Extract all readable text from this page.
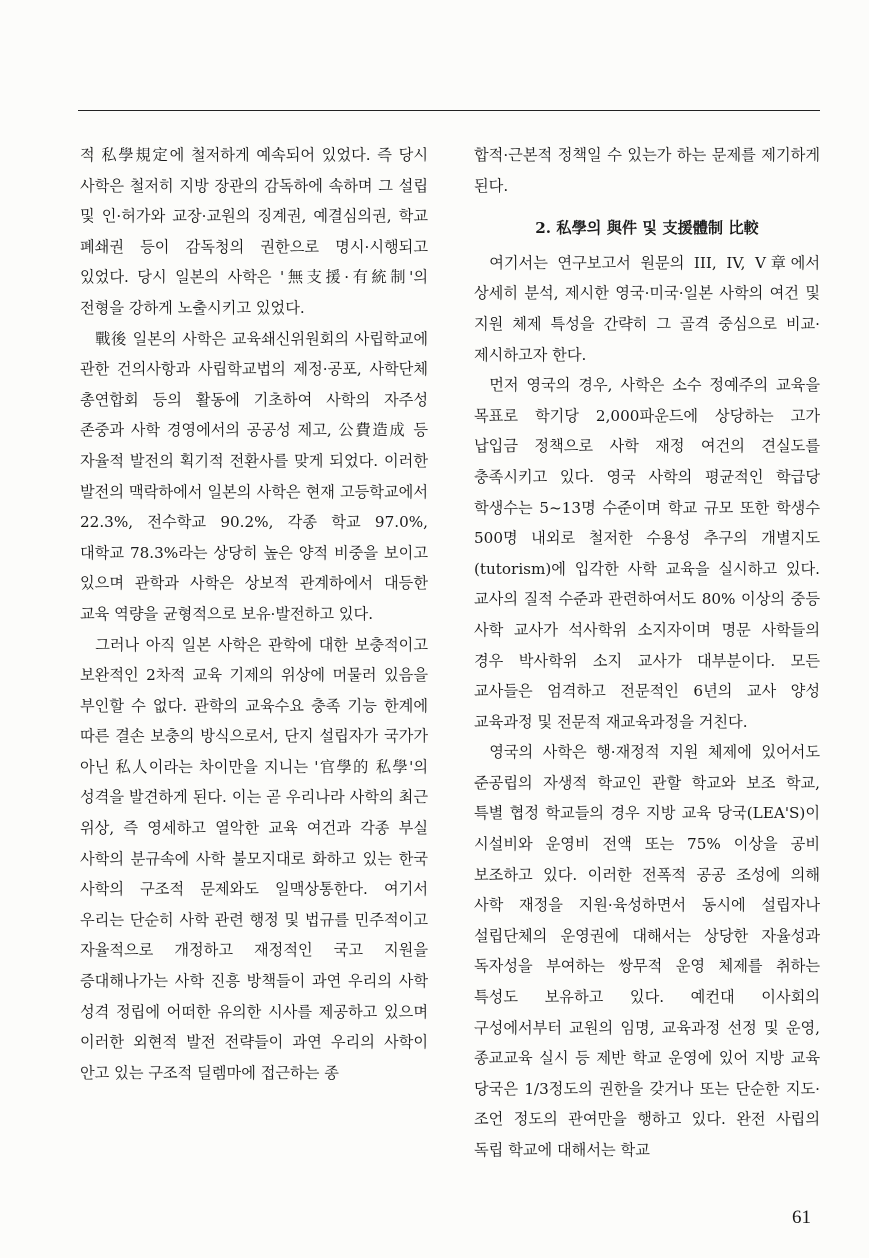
적 私學規定에 철저하게 예속되어 있었다. 즉 당시 사학은 철저히 지방 장관의 감독하에 속하며 그 설립 및 인·허가와 교장·교원의 징계권, 예결심의권, 학교 폐쇄권 등이 감독청의 권한으로 명시·시행되고 있었다. 당시 일본의 사학은 '無支援·有統制'의 전형을 강하게 노출시키고 있었다.

戰後 일본의 사학은 교육쇄신위원회의 사립학교에 관한 건의사항과 사립학교법의 제정·공포, 사학단체 총연합회 등의 활동에 기초하여 사학의 자주성 존중과 사학 경영에서의 공공성 제고, 公費造成 등 자율적 발전의 획기적 전환사를 맞게 되었다. 이러한 발전의 맥락하에서 일본의 사학은 현재 고등학교에서 22.3%, 전수학교 90.2%, 각종 학교 97.0%, 대학교 78.3%라는 상당히 높은 양적 비중을 보이고 있으며 관학과 사학은 상보적 관계하에서 대등한 교육 역량을 균형적으로 보유·발전하고 있다.

그러나 아직 일본 사학은 관학에 대한 보충적이고 보완적인 2차적 교육 기제의 위상에 머물러 있음을 부인할 수 없다. 관학의 교육수요 충족 기능 한계에 따른 결손 보충의 방식으로서, 단지 설립자가 국가가 아닌 私人이라는 차이만을 지니는 '官學的 私學'의 성격을 발견하게 된다. 이는 곧 우리나라 사학의 최근 위상, 즉 영세하고 열악한 교육 여건과 각종 부실 사학의 분규속에 사학 불모지대로 화하고 있는 한국 사학의 구조적 문제와도 일맥상통한다. 여기서 우리는 단순히 사학 관련 행정 및 법규를 민주적이고 자율적으로 개정하고 재정적인 국고 지원을 증대해나가는 사학 진흥 방책들이 과연 우리의 사학 성격 정립에 어떠한 유의한 시사를 제공하고 있으며 이러한 외현적 발전 전략들이 과연 우리의 사학이 안고 있는 구조적 딜렘마에 접근하는 종

합적·근본적 정책일 수 있는가 하는 문제를 제기하게 된다.

2. 私學의 與件 및 支援體制 比較

여기서는 연구보고서 원문의 III, IV, V章에서 상세히 분석, 제시한 영국·미국·일본 사학의 여건 및 지원 체제 특성을 간략히 그 골격 중심으로 비교·제시하고자 한다.

먼저 영국의 경우, 사학은 소수 정예주의 교육을 목표로 학기당 2,000파운드에 상당하는 고가 납입금 정책으로 사학 재정 여건의 견실도를 충족시키고 있다. 영국 사학의 평균적인 학급당 학생수는 5~13명 수준이며 학교 규모 또한 학생수 500명 내외로 철저한 수용성 추구의 개별지도(tutorism)에 입각한 사학 교육을 실시하고 있다. 교사의 질적 수준과 관련하여서도 80% 이상의 중등 사학 교사가 석사학위 소지자이며 명문 사학들의 경우 박사학위 소지 교사가 대부분이다. 모든 교사들은 엄격하고 전문적인 6년의 교사 양성 교육과정 및 전문적 재교육과정을 거친다.

영국의 사학은 행·재정적 지원 체제에 있어서도 준공립의 자생적 학교인 관할 학교와 보조 학교, 특별 협정 학교들의 경우 지방 교육 당국(LEA'S)이 시설비와 운영비 전액 또는 75% 이상을 공비 보조하고 있다. 이러한 전폭적 공공 조성에 의해 사학 재정을 지원·육성하면서 동시에 설립자나 설립단체의 운영권에 대해서는 상당한 자율성과 독자성을 부여하는 쌍무적 운영 체제를 취하는 특성도 보유하고 있다. 예컨대 이사회의 구성에서부터 교원의 임명, 교육과정 선정 및 운영, 종교교육 실시 등 제반 학교 운영에 있어 지방 교육 당국은 1/3정도의 권한을 갖거나 또는 단순한 지도·조언 정도의 관여만을 행하고 있다. 완전 사립의 독립 학교에 대해서는 학교

61
